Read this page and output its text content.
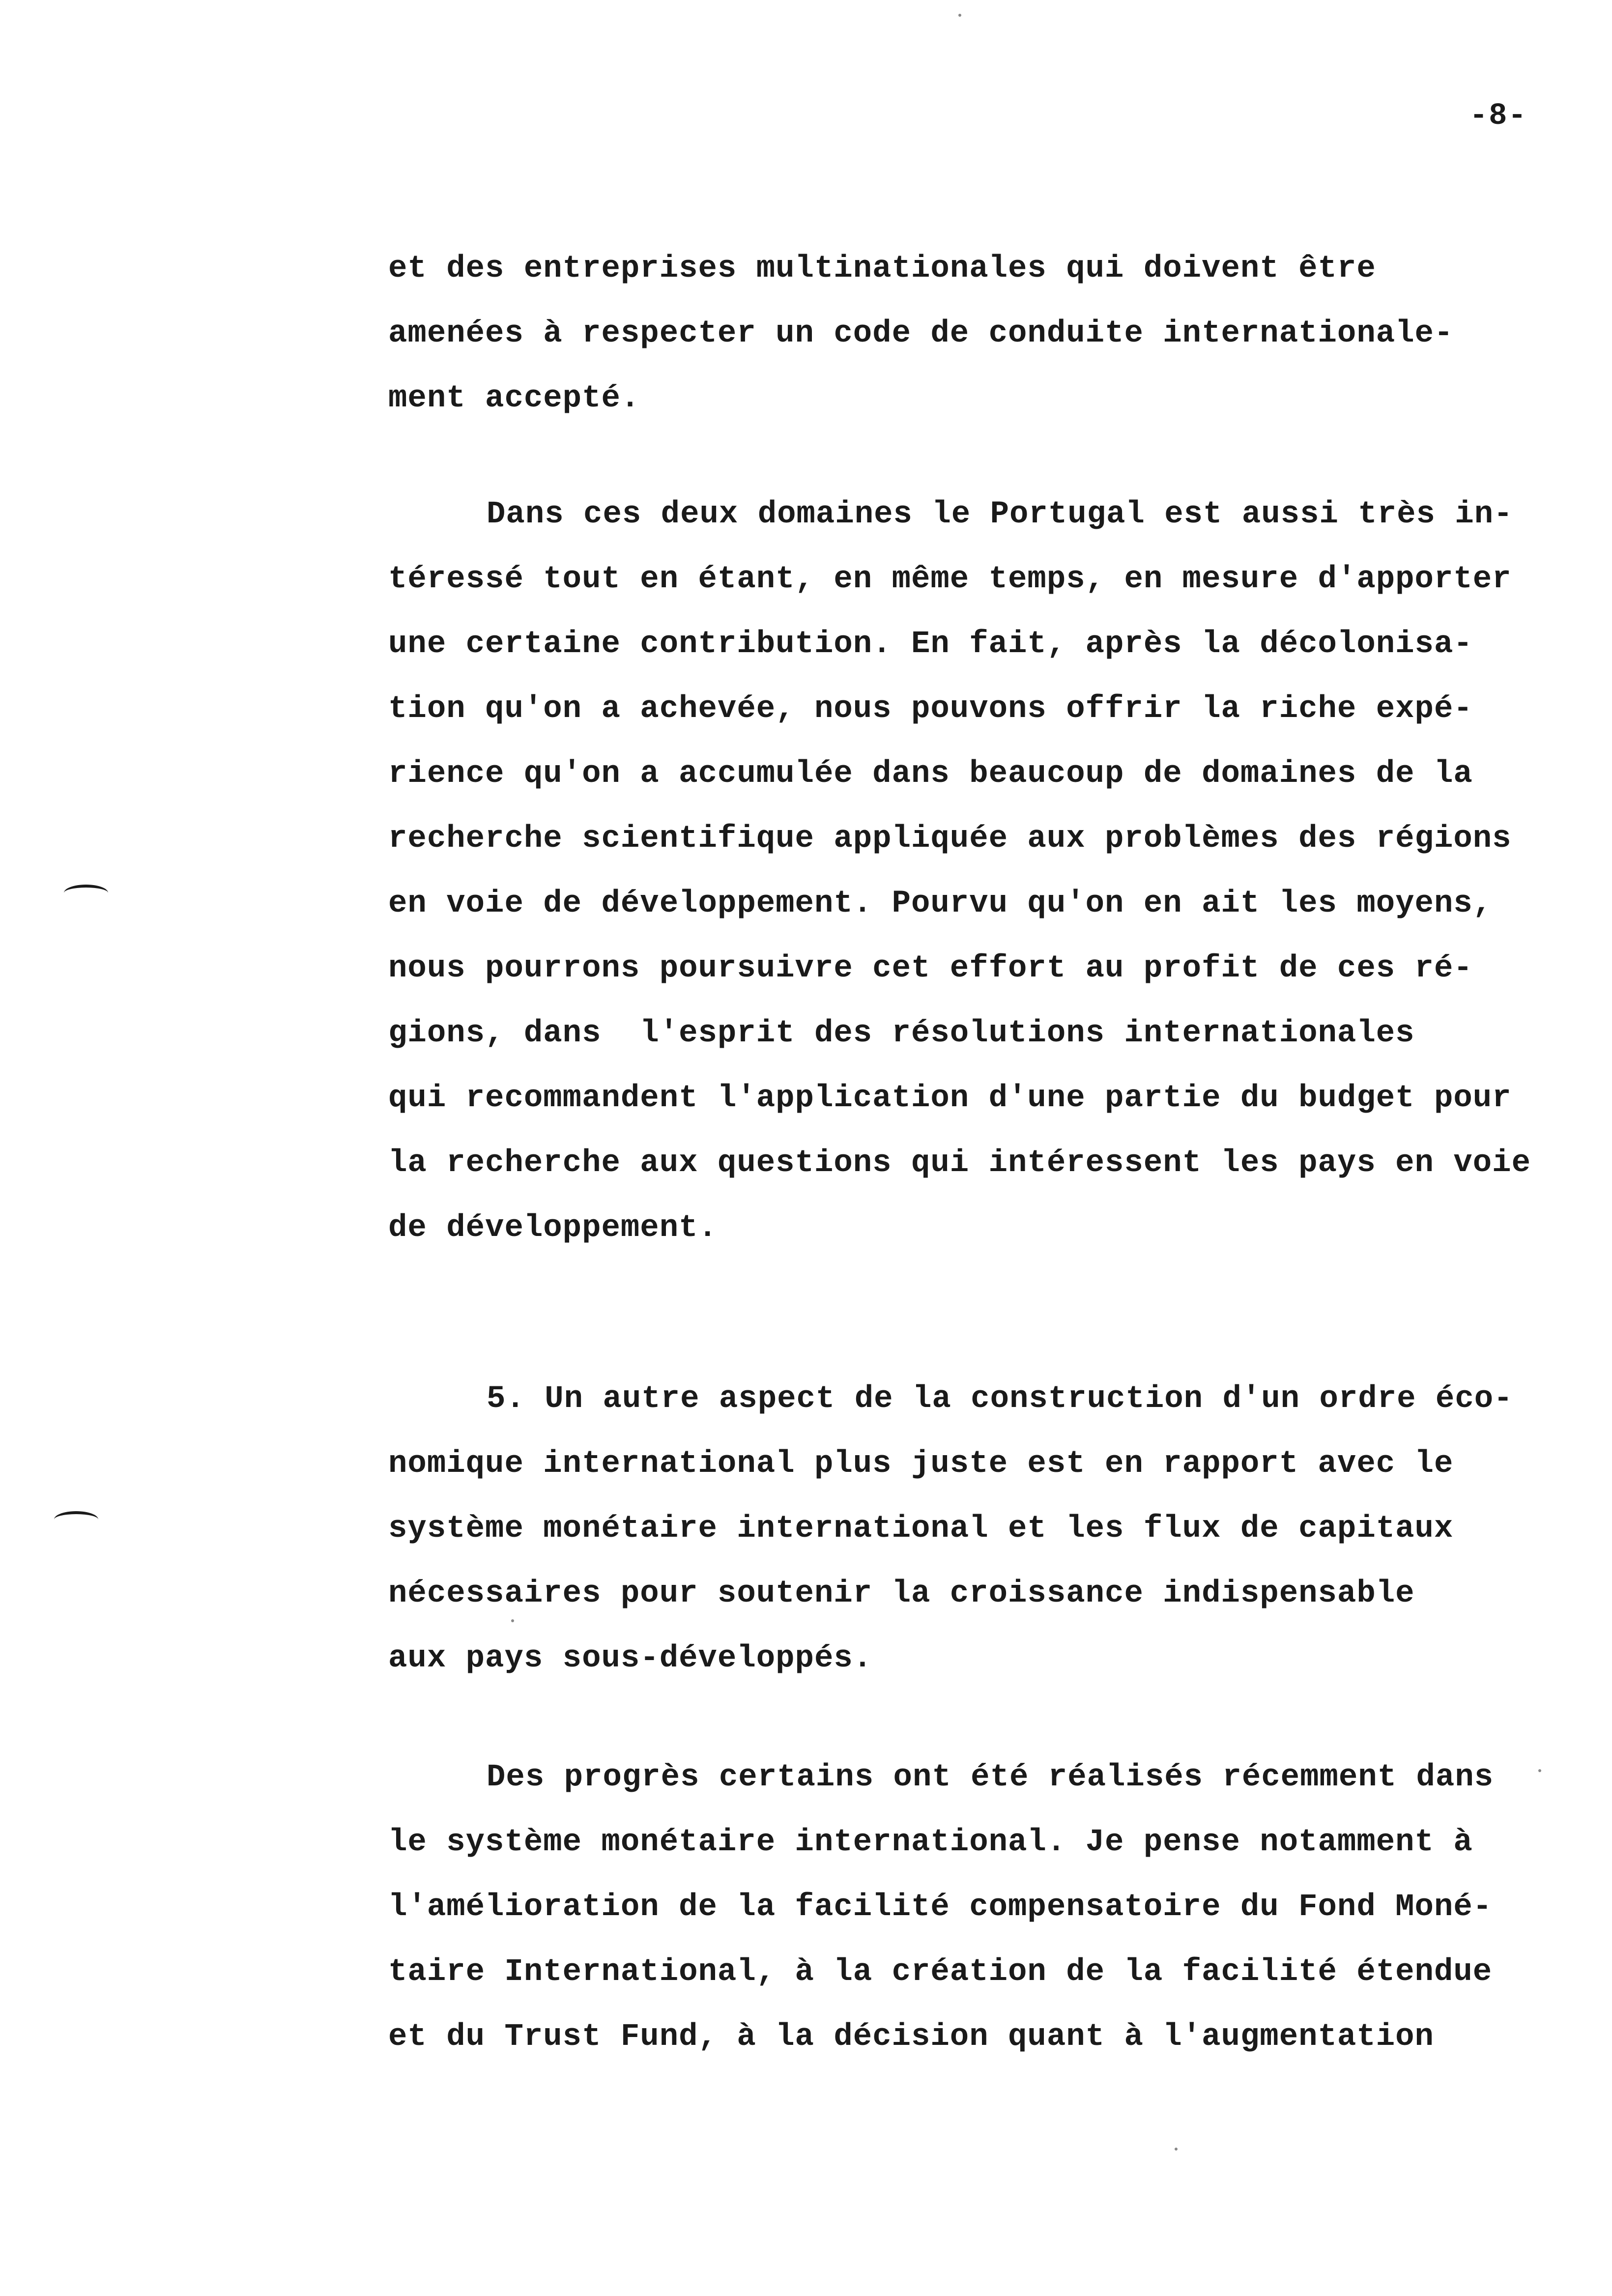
-8-
et des entreprises multinationales qui doivent être
amenées à respecter un code de conduite internationale-
ment accepté.
Dans ces deux domaines le Portugal est aussi très in-
téressé tout en étant, en même temps, en mesure d'apporter
une certaine contribution. En fait, après la décolonisa-
tion qu'on a achevée, nous pouvons offrir la riche expé-
rience qu'on a accumulée dans beaucoup de domaines de la
recherche scientifique appliquée aux problèmes des régions
en voie de développement. Pourvu qu'on en ait les moyens,
nous pourrons poursuivre cet effort au profit de ces ré-
gions, dans  l'esprit des résolutions internationales
qui recommandent l'application d'une partie du budget pour
la recherche aux questions qui intéressent les pays en voie
de développement.
5. Un autre aspect de la construction d'un ordre éco-
nomique international plus juste est en rapport avec le
système monétaire international et les flux de capitaux
nécessaires pour soutenir la croissance indispensable
aux pays sous-développés.
Des progrès certains ont été réalisés récemment dans
le système monétaire international. Je pense notamment à
l'amélioration de la facilité compensatoire du Fond Moné-
taire International, à la création de la facilité étendue
et du Trust Fund, à la décision quant à l'augmentation
